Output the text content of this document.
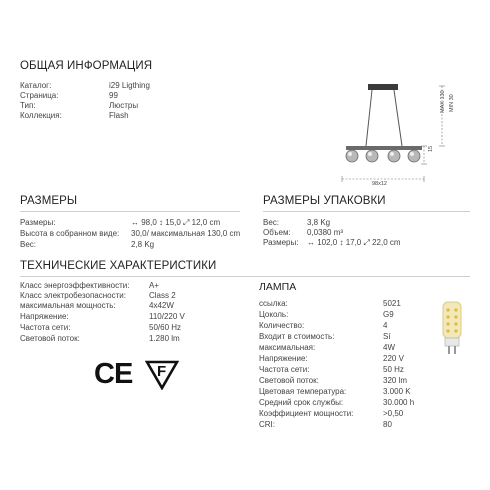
ОБЩАЯ ИНФОРМАЦИЯ
Каталог:	i29 Ligthing
Страница:	99
Тип:	Люстры
Коллекция:	Flash
MAX 130 MIN 30
15
98x12
РАЗМЕРЫ
Размеры:	↔ 98,0 ↕ 15,0 ⤢ 12,0 cm
Высота в собранном виде: 30,0/ максимальная 130,0 cm
Вес:	2,8 Kg
РАЗМЕРЫ УПАКОВКИ
Вес:	3,8 Kg
Объем: 0,0380 m³
Размеры: ↔ 102,0 ↕ 17,0 ⤢ 22,0 cm
ТЕХНИЧЕСКИЕ ХАРАКТЕРИСТИКИ
Класс энергоэффективности: A+
Класс электробезопасности:	Class 2
максимальная мощность:	4x42W
Напряжение:	110/220 V
Частота сети:	50/60 Hz
Световой поток:	1.280 lm
CE F
ЛАМПА
ссылка:	5021
Цоколь:	G9
Количество:	4
Входит в стоимость:	Sí
максимальная:	4W
Напряжение:	220 V
Частота сети:	50 Hz
Световой поток:	320 lm
Цветовая температура:	3.000 K
Средний срок службы:	30.000 h
Коэффициент мощности:	>0,50
CRI:	80
